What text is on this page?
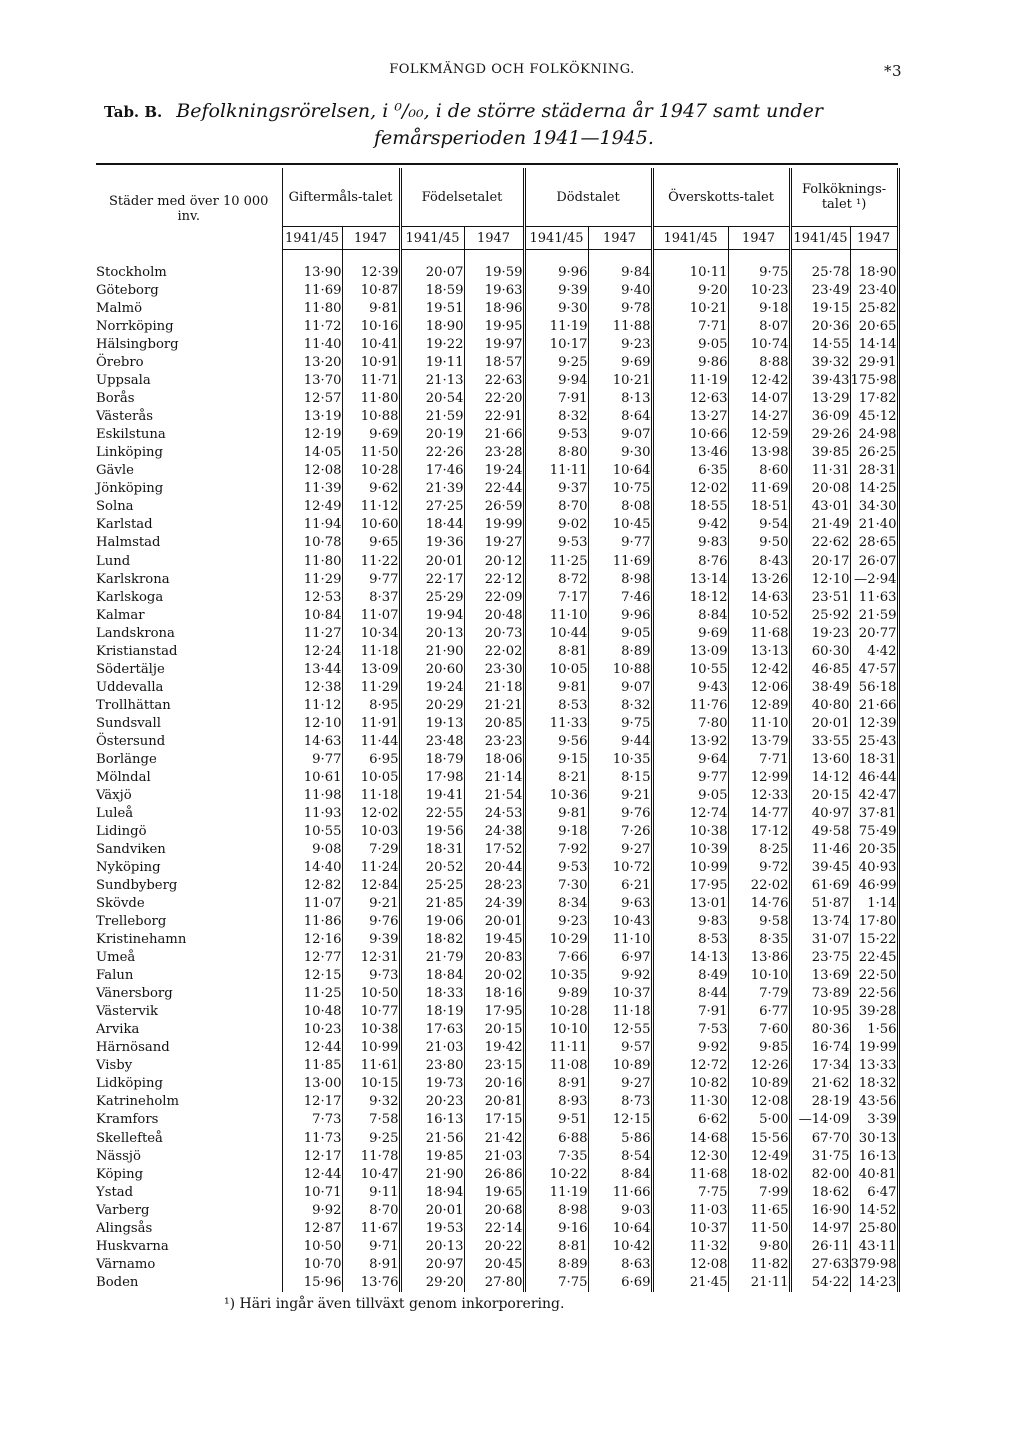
FOLKMÄNGD OCH FOLKÖKNING.	*3
Tab. B. Befolkningsrörelsen, i ⁰/₀₀, i de större städerna år 1947 samt under
femårsperioden 1941—1945.
Städer med över 10 000 inv.	Giftermåls-talet		Födelsetalet		Dödstalet		Överskotts-talet		Folköknings-talet ¹)	
	1941/45	1947	1941/45	1947	1941/45	1947	1941/45	1947	1941/45	1947

Stockholm	13·90	12·39	20·07	19·59	9·96	9·84	10·11	9·75	25·78	18·90
Göteborg	11·69	10·87	18·59	19·63	9·39	9·40	9·20	10·23	23·49	23·40
Malmö	11·80	9·81	19·51	18·96	9·30	9·78	10·21	9·18	19·15	25·82
Norrköping	11·72	10·16	18·90	19·95	11·19	11·88	7·71	8·07	20·36	20·65
Hälsingborg	11·40	10·41	19·22	19·97	10·17	9·23	9·05	10·74	14·55	14·14
Örebro	13·20	10·91	19·11	18·57	9·25	9·69	9·86	8·88	39·32	29·91
Uppsala	13·70	11·71	21·13	22·63	9·94	10·21	11·19	12·42	39·43	175·98
Borås	12·57	11·80	20·54	22·20	7·91	8·13	12·63	14·07	13·29	17·82
Västerås	13·19	10·88	21·59	22·91	8·32	8·64	13·27	14·27	36·09	45·12
Eskilstuna	12·19	9·69	20·19	21·66	9·53	9·07	10·66	12·59	29·26	24·98
Linköping	14·05	11·50	22·26	23·28	8·80	9·30	13·46	13·98	39·85	26·25
Gävle	12·08	10·28	17·46	19·24	11·11	10·64	6·35	8·60	11·31	28·31
Jönköping	11·39	9·62	21·39	22·44	9·37	10·75	12·02	11·69	20·08	14·25
Solna	12·49	11·12	27·25	26·59	8·70	8·08	18·55	18·51	43·01	34·30
Karlstad	11·94	10·60	18·44	19·99	9·02	10·45	9·42	9·54	21·49	21·40
Halmstad	10·78	9·65	19·36	19·27	9·53	9·77	9·83	9·50	22·62	28·65
Lund	11·80	11·22	20·01	20·12	11·25	11·69	8·76	8·43	20·17	26·07
Karlskrona	11·29	9·77	22·17	22·12	8·72	8·98	13·14	13·26	12·10	—2·94
Karlskoga	12·53	8·37	25·29	22·09	7·17	7·46	18·12	14·63	23·51	11·63
Kalmar	10·84	11·07	19·94	20·48	11·10	9·96	8·84	10·52	25·92	21·59
Landskrona	11·27	10·34	20·13	20·73	10·44	9·05	9·69	11·68	19·23	20·77
Kristianstad	12·24	11·18	21·90	22·02	8·81	8·89	13·09	13·13	60·30	4·42
Södertälje	13·44	13·09	20·60	23·30	10·05	10·88	10·55	12·42	46·85	47·57
Uddevalla	12·38	11·29	19·24	21·18	9·81	9·07	9·43	12·06	38·49	56·18
Trollhättan	11·12	8·95	20·29	21·21	8·53	8·32	11·76	12·89	40·80	21·66
Sundsvall	12·10	11·91	19·13	20·85	11·33	9·75	7·80	11·10	20·01	12·39
Östersund	14·63	11·44	23·48	23·23	9·56	9·44	13·92	13·79	33·55	25·43
Borlänge	9·77	6·95	18·79	18·06	9·15	10·35	9·64	7·71	13·60	18·31
Mölndal	10·61	10·05	17·98	21·14	8·21	8·15	9·77	12·99	14·12	46·44
Växjö	11·98	11·18	19·41	21·54	10·36	9·21	9·05	12·33	20·15	42·47
Luleå	11·93	12·02	22·55	24·53	9·81	9·76	12·74	14·77	40·97	37·81
Lidingö	10·55	10·03	19·56	24·38	9·18	7·26	10·38	17·12	49·58	75·49
Sandviken	9·08	7·29	18·31	17·52	7·92	9·27	10·39	8·25	11·46	20·35
Nyköping	14·40	11·24	20·52	20·44	9·53	10·72	10·99	9·72	39·45	40·93
Sundbyberg	12·82	12·84	25·25	28·23	7·30	6·21	17·95	22·02	61·69	46·99
Skövde	11·07	9·21	21·85	24·39	8·34	9·63	13·01	14·76	51·87	1·14
Trelleborg	11·86	9·76	19·06	20·01	9·23	10·43	9·83	9·58	13·74	17·80
Kristinehamn	12·16	9·39	18·82	19·45	10·29	11·10	8·53	8·35	31·07	15·22
Umeå	12·77	12·31	21·79	20·83	7·66	6·97	14·13	13·86	23·75	22·45
Falun	12·15	9·73	18·84	20·02	10·35	9·92	8·49	10·10	13·69	22·50
Vänersborg	11·25	10·50	18·33	18·16	9·89	10·37	8·44	7·79	73·89	22·56
Västervik	10·48	10·77	18·19	17·95	10·28	11·18	7·91	6·77	10·95	39·28
Arvika	10·23	10·38	17·63	20·15	10·10	12·55	7·53	7·60	80·36	1·56
Härnösand	12·44	10·99	21·03	19·42	11·11	9·57	9·92	9·85	16·74	19·99
Visby	11·85	11·61	23·80	23·15	11·08	10·89	12·72	12·26	17·34	13·33
Lidköping	13·00	10·15	19·73	20·16	8·91	9·27	10·82	10·89	21·62	18·32
Katrineholm	12·17	9·32	20·23	20·81	8·93	8·73	11·30	12·08	28·19	43·56
Kramfors	7·73	7·58	16·13	17·15	9·51	12·15	6·62	5·00	—14·09	3·39
Skellefteå	11·73	9·25	21·56	21·42	6·88	5·86	14·68	15·56	67·70	30·13
Nässjö	12·17	11·78	19·85	21·03	7·35	8·54	12·30	12·49	31·75	16·13
Köping	12·44	10·47	21·90	26·86	10·22	8·84	11·68	18·02	82·00	40·81
Ystad	10·71	9·11	18·94	19·65	11·19	11·66	7·75	7·99	18·62	6·47
Varberg	9·92	8·70	20·01	20·68	8·98	9·03	11·03	11·65	16·90	14·52
Alingsås	12·87	11·67	19·53	22·14	9·16	10·64	10·37	11·50	14·97	25·80
Huskvarna	10·50	9·71	20·13	20·22	8·81	10·42	11·32	9·80	26·11	43·11
Värnamo	10·70	8·91	20·97	20·45	8·89	8·63	12·08	11·82	27·63	379·98
Boden	15·96	13·76	29·20	27·80	7·75	6·69	21·45	21·11	54·22	14·23
¹) Häri ingår även tillväxt genom inkorporering.
